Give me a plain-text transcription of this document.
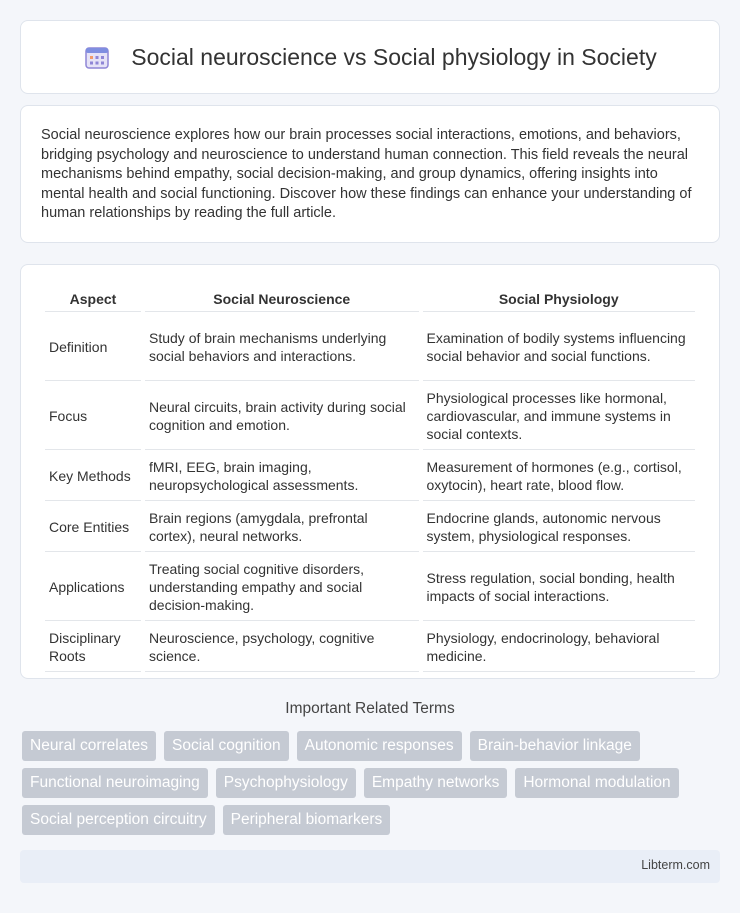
Social neuroscience vs Social physiology in Society

Social neuroscience explores how our brain processes social interactions, emotions, and behaviors, bridging psychology and neuroscience to understand human connection. This field reveals the neural mechanisms behind empathy, social decision-making, and group dynamics, offering insights into mental health and social functioning. Discover how these findings can enhance your understanding of human relationships by reading the full article.

Aspect	Social Neuroscience	Social Physiology
Definition	Study of brain mechanisms underlying social behaviors and interactions.	Examination of bodily systems influencing social behavior and social functions.
Focus	Neural circuits, brain activity during social cognition and emotion.	Physiological processes like hormonal, cardiovascular, and immune systems in social contexts.
Key Methods	fMRI, EEG, brain imaging, neuropsychological assessments.	Measurement of hormones (e.g., cortisol, oxytocin), heart rate, blood flow.
Core Entities	Brain regions (amygdala, prefrontal cortex), neural networks.	Endocrine glands, autonomic nervous system, physiological responses.
Applications	Treating social cognitive disorders, understanding empathy and social decision-making.	Stress regulation, social bonding, health impacts of social interactions.
Disciplinary Roots	Neuroscience, psychology, cognitive science.	Physiology, endocrinology, behavioral medicine.
Important Related Terms
Neural correlates	Social cognition	Autonomic responses	Brain-behavior linkage
Functional neuroimaging	Psychophysiology	Empathy networks	Hormonal modulation
Social perception circuitry	Peripheral biomarkers
Libterm.com
